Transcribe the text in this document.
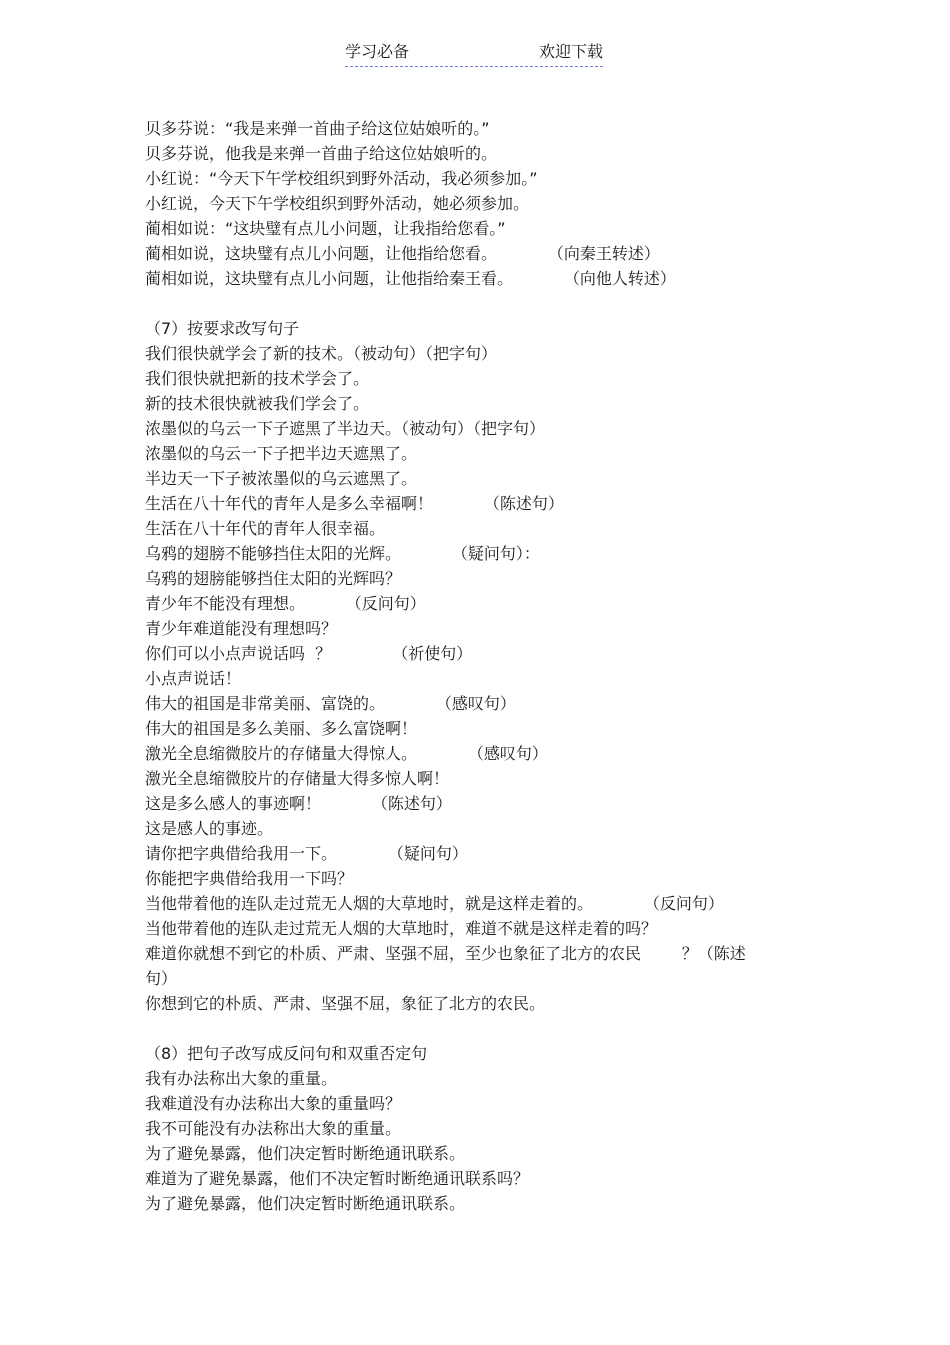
学习必备	欢迎下载
贝多芬说：“我是来弹一首曲子给这位姑娘听的。”
贝多芬说，他我是来弹一首曲子给这位姑娘听的。
小红说：“今天下午学校组织到野外活动，我必须参加。”
小红说，今天下午学校组织到野外活动，她必须参加。
蔺相如说：“这块璧有点儿小问题，让我指给您看。”
蔺相如说，这块璧有点儿小问题，让他指给您看。          （向秦王转述）
蔺相如说，这块璧有点儿小问题，让他指给秦王看。          （向他人转述）
（7）按要求改写句子
我们很快就学会了新的技术。（被动句）（把字句）
我们很快就把新的技术学会了。
新的技术很快就被我们学会了。
浓墨似的乌云一下子遮黑了半边天。（被动句）（把字句）
浓墨似的乌云一下子把半边天遮黑了。
半边天一下子被浓墨似的乌云遮黑了。
生活在八十年代的青年人是多么幸福啊！          （陈述句）
生活在八十年代的青年人很幸福。
乌鸦的翅膀不能够挡住太阳的光辉。          （疑问句）：
乌鸦的翅膀能够挡住太阳的光辉吗？
青少年不能没有理想。        （反问句）
青少年难道能没有理想吗？
你们可以小点声说话吗  ？            （祈使句）
小点声说话！
伟大的祖国是非常美丽、富饶的。          （感叹句）
伟大的祖国是多么美丽、多么富饶啊！
激光全息缩微胶片的存储量大得惊人。          （感叹句）
激光全息缩微胶片的存储量大得多惊人啊！
这是多么感人的事迹啊！          （陈述句）
这是感人的事迹。
请你把字典借给我用一下。          （疑问句）
你能把字典借给我用一下吗？
当他带着他的连队走过荒无人烟的大草地时，就是这样走着的。          （反问句）
当他带着他的连队走过荒无人烟的大草地时，难道不就是这样走着的吗？
难道你就想不到它的朴质、严肃、坚强不屈，至少也象征了北方的农民        ？（陈述
句）
你想到它的朴质、严肃、坚强不屈，象征了北方的农民。
（8）把句子改写成反问句和双重否定句
我有办法称出大象的重量。
我难道没有办法称出大象的重量吗？
我不可能没有办法称出大象的重量。
为了避免暴露，他们决定暂时断绝通讯联系。
难道为了避免暴露，他们不决定暂时断绝通讯联系吗？
为了避免暴露，他们决定暂时断绝通讯联系。
